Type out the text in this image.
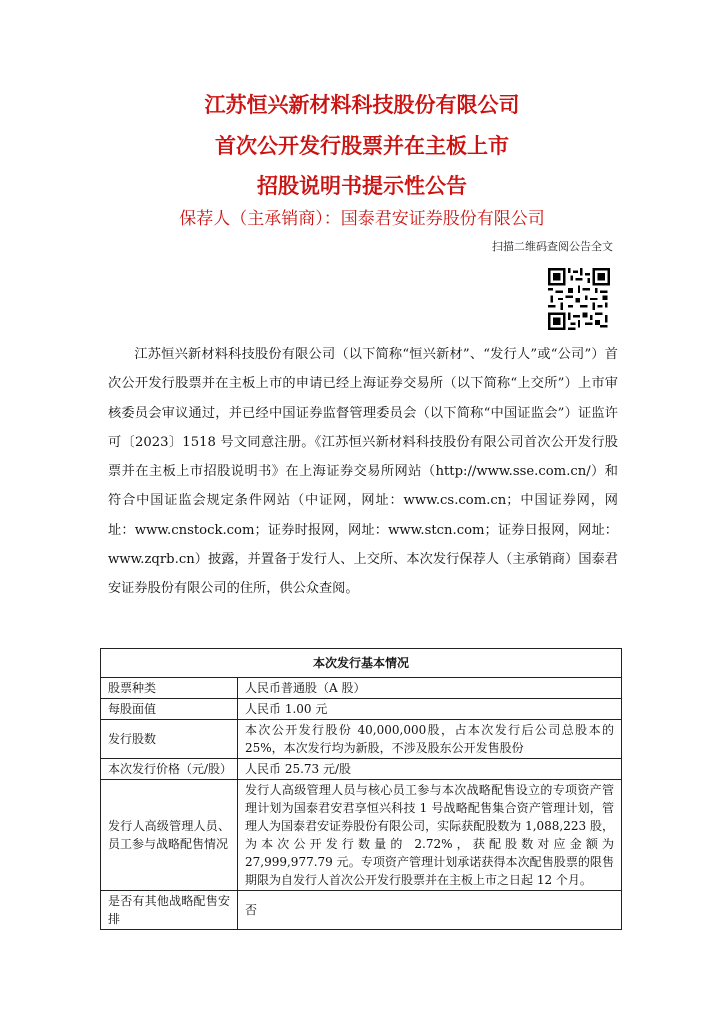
江苏恒兴新材料科技股份有限公司
首次公开发行股票并在主板上市
招股说明书提示性公告
保荐人（主承销商）：国泰君安证券股份有限公司
扫描二维码查阅公告全文
江苏恒兴新材料科技股份有限公司（以下简称“恒兴新材”、“发行人”或“公司”）首次公开发行股票并在主板上市的申请已经上海证券交易所（以下简称“上交所”）上市审核委员会审议通过，并已经中国证券监督管理委员会（以下简称“中国证监会”）证监许可〔2023〕1518 号文同意注册。《江苏恒兴新材料科技股份有限公司首次公开发行股票并在主板上市招股说明书》在上海证券交易所网站（http://www.sse.com.cn/）和符合中国证监会规定条件网站（中证网，网址：www.cs.com.cn；中国证券网，网址：www.cnstock.com；证券时报网，网址：www.stcn.com；证券日报网，网址：www.zqrb.cn）披露，并置备于发行人、上交所、本次发行保荐人（主承销商）国泰君安证券股份有限公司的住所，供公众查阅。
本次发行基本情况	
股票种类	人民币普通股（A 股）
每股面值	人民币 1.00 元
发行股数	本次公开发行股份 40,000,000股，占本次发行后公司总股本的 25%，本次发行均为新股，不涉及股东公开发售股份
本次发行价格（元/股）	人民币 25.73 元/股
发行人高级管理人员、员工参与战略配售情况	发行人高级管理人员与核心员工参与本次战略配售设立的专项资产管理计划为国泰君安君享恒兴科技 1 号战略配售集合资产管理计划，管理人为国泰君安证券股份有限公司，实际获配股数为 1,088,223 股，为本次公开发行数量的 2.72%，获配股数对应金额为 27,999,977.79 元。专项资产管理计划承诺获得本次配售股票的限售期限为自发行人首次公开发行股票并在主板上市之日起 12 个月。
是否有其他战略配售安排	否
